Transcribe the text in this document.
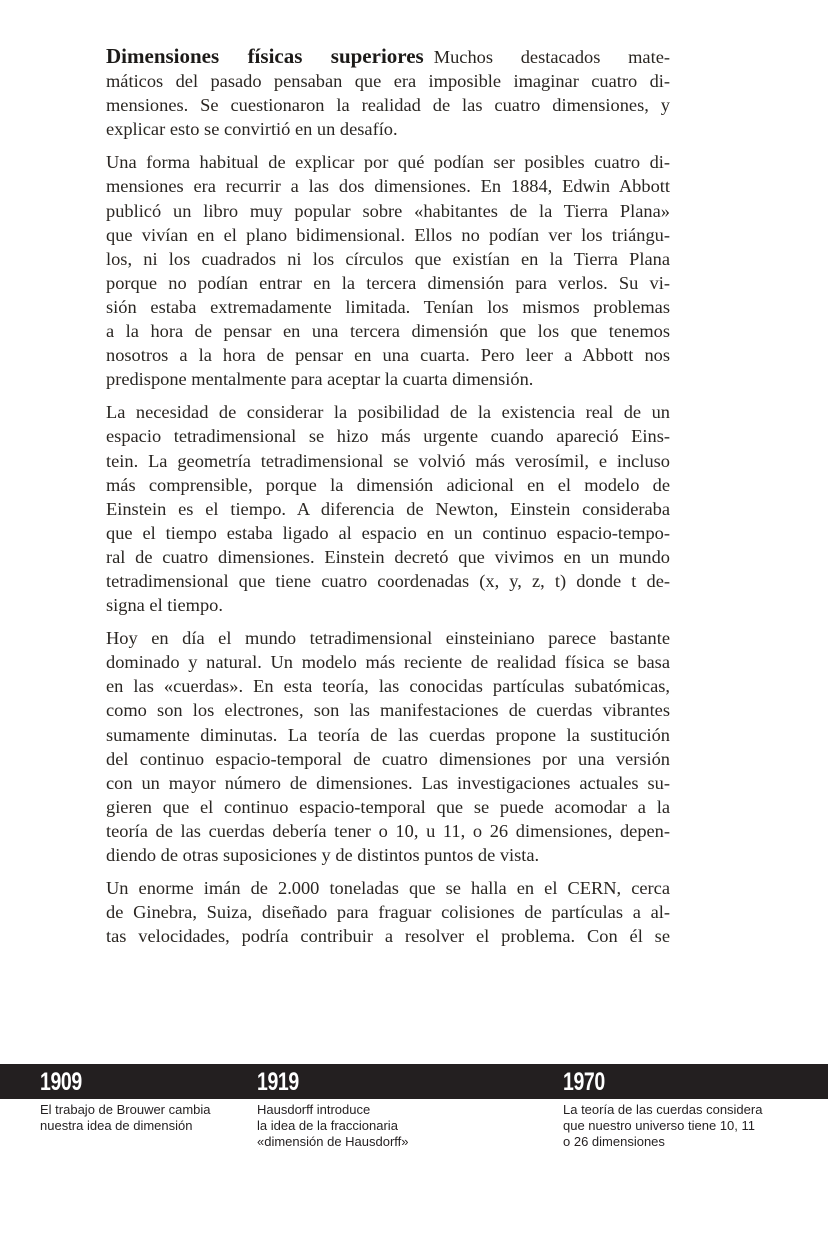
Dimensiones físicas superiores Muchos destacados mate-
máticos del pasado pensaban que era imposible imaginar cuatro di-
mensiones. Se cuestionaron la realidad de las cuatro dimensiones, y
explicar esto se convirtió en un desafío.

Una forma habitual de explicar por qué podían ser posibles cuatro di-
mensiones era recurrir a las dos dimensiones. En 1884, Edwin Abbott
publicó un libro muy popular sobre «habitantes de la Tierra Plana»
que vivían en el plano bidimensional. Ellos no podían ver los triángu-
los, ni los cuadrados ni los círculos que existían en la Tierra Plana
porque no podían entrar en la tercera dimensión para verlos. Su vi-
sión estaba extremadamente limitada. Tenían los mismos problemas
a la hora de pensar en una tercera dimensión que los que tenemos
nosotros a la hora de pensar en una cuarta. Pero leer a Abbott nos
predispone mentalmente para aceptar la cuarta dimensión.

La necesidad de considerar la posibilidad de la existencia real de un
espacio tetradimensional se hizo más urgente cuando apareció Eins-
tein. La geometría tetradimensional se volvió más verosímil, e incluso
más comprensible, porque la dimensión adicional en el modelo de
Einstein es el tiempo. A diferencia de Newton, Einstein consideraba
que el tiempo estaba ligado al espacio en un continuo espacio-tempo-
ral de cuatro dimensiones. Einstein decretó que vivimos en un mundo
tetradimensional que tiene cuatro coordenadas (x, y, z, t) donde t de-
signa el tiempo.

Hoy en día el mundo tetradimensional einsteiniano parece bastante
dominado y natural. Un modelo más reciente de realidad física se basa
en las «cuerdas». En esta teoría, las conocidas partículas subatómicas,
como son los electrones, son las manifestaciones de cuerdas vibrantes
sumamente diminutas. La teoría de las cuerdas propone la sustitución
del continuo espacio-temporal de cuatro dimensiones por una versión
con un mayor número de dimensiones. Las investigaciones actuales su-
gieren que el continuo espacio-temporal que se puede acomodar a la
teoría de las cuerdas debería tener o 10, u 11, o 26 dimensiones, depen-
diendo de otras suposiciones y de distintos puntos de vista.

Un enorme imán de 2.000 toneladas que se halla en el CERN, cerca
de Ginebra, Suiza, diseñado para fraguar colisiones de partículas a al-
tas velocidades, podría contribuir a resolver el problema. Con él se

1909	1919	1970
El trabajo de Brouwer cambia
nuestra idea de dimensión
Hausdorff introduce
la idea de la fraccionaria
«dimensión de Hausdorff»
La teoría de las cuerdas considera
que nuestro universo tiene 10, 11
o 26 dimensiones
